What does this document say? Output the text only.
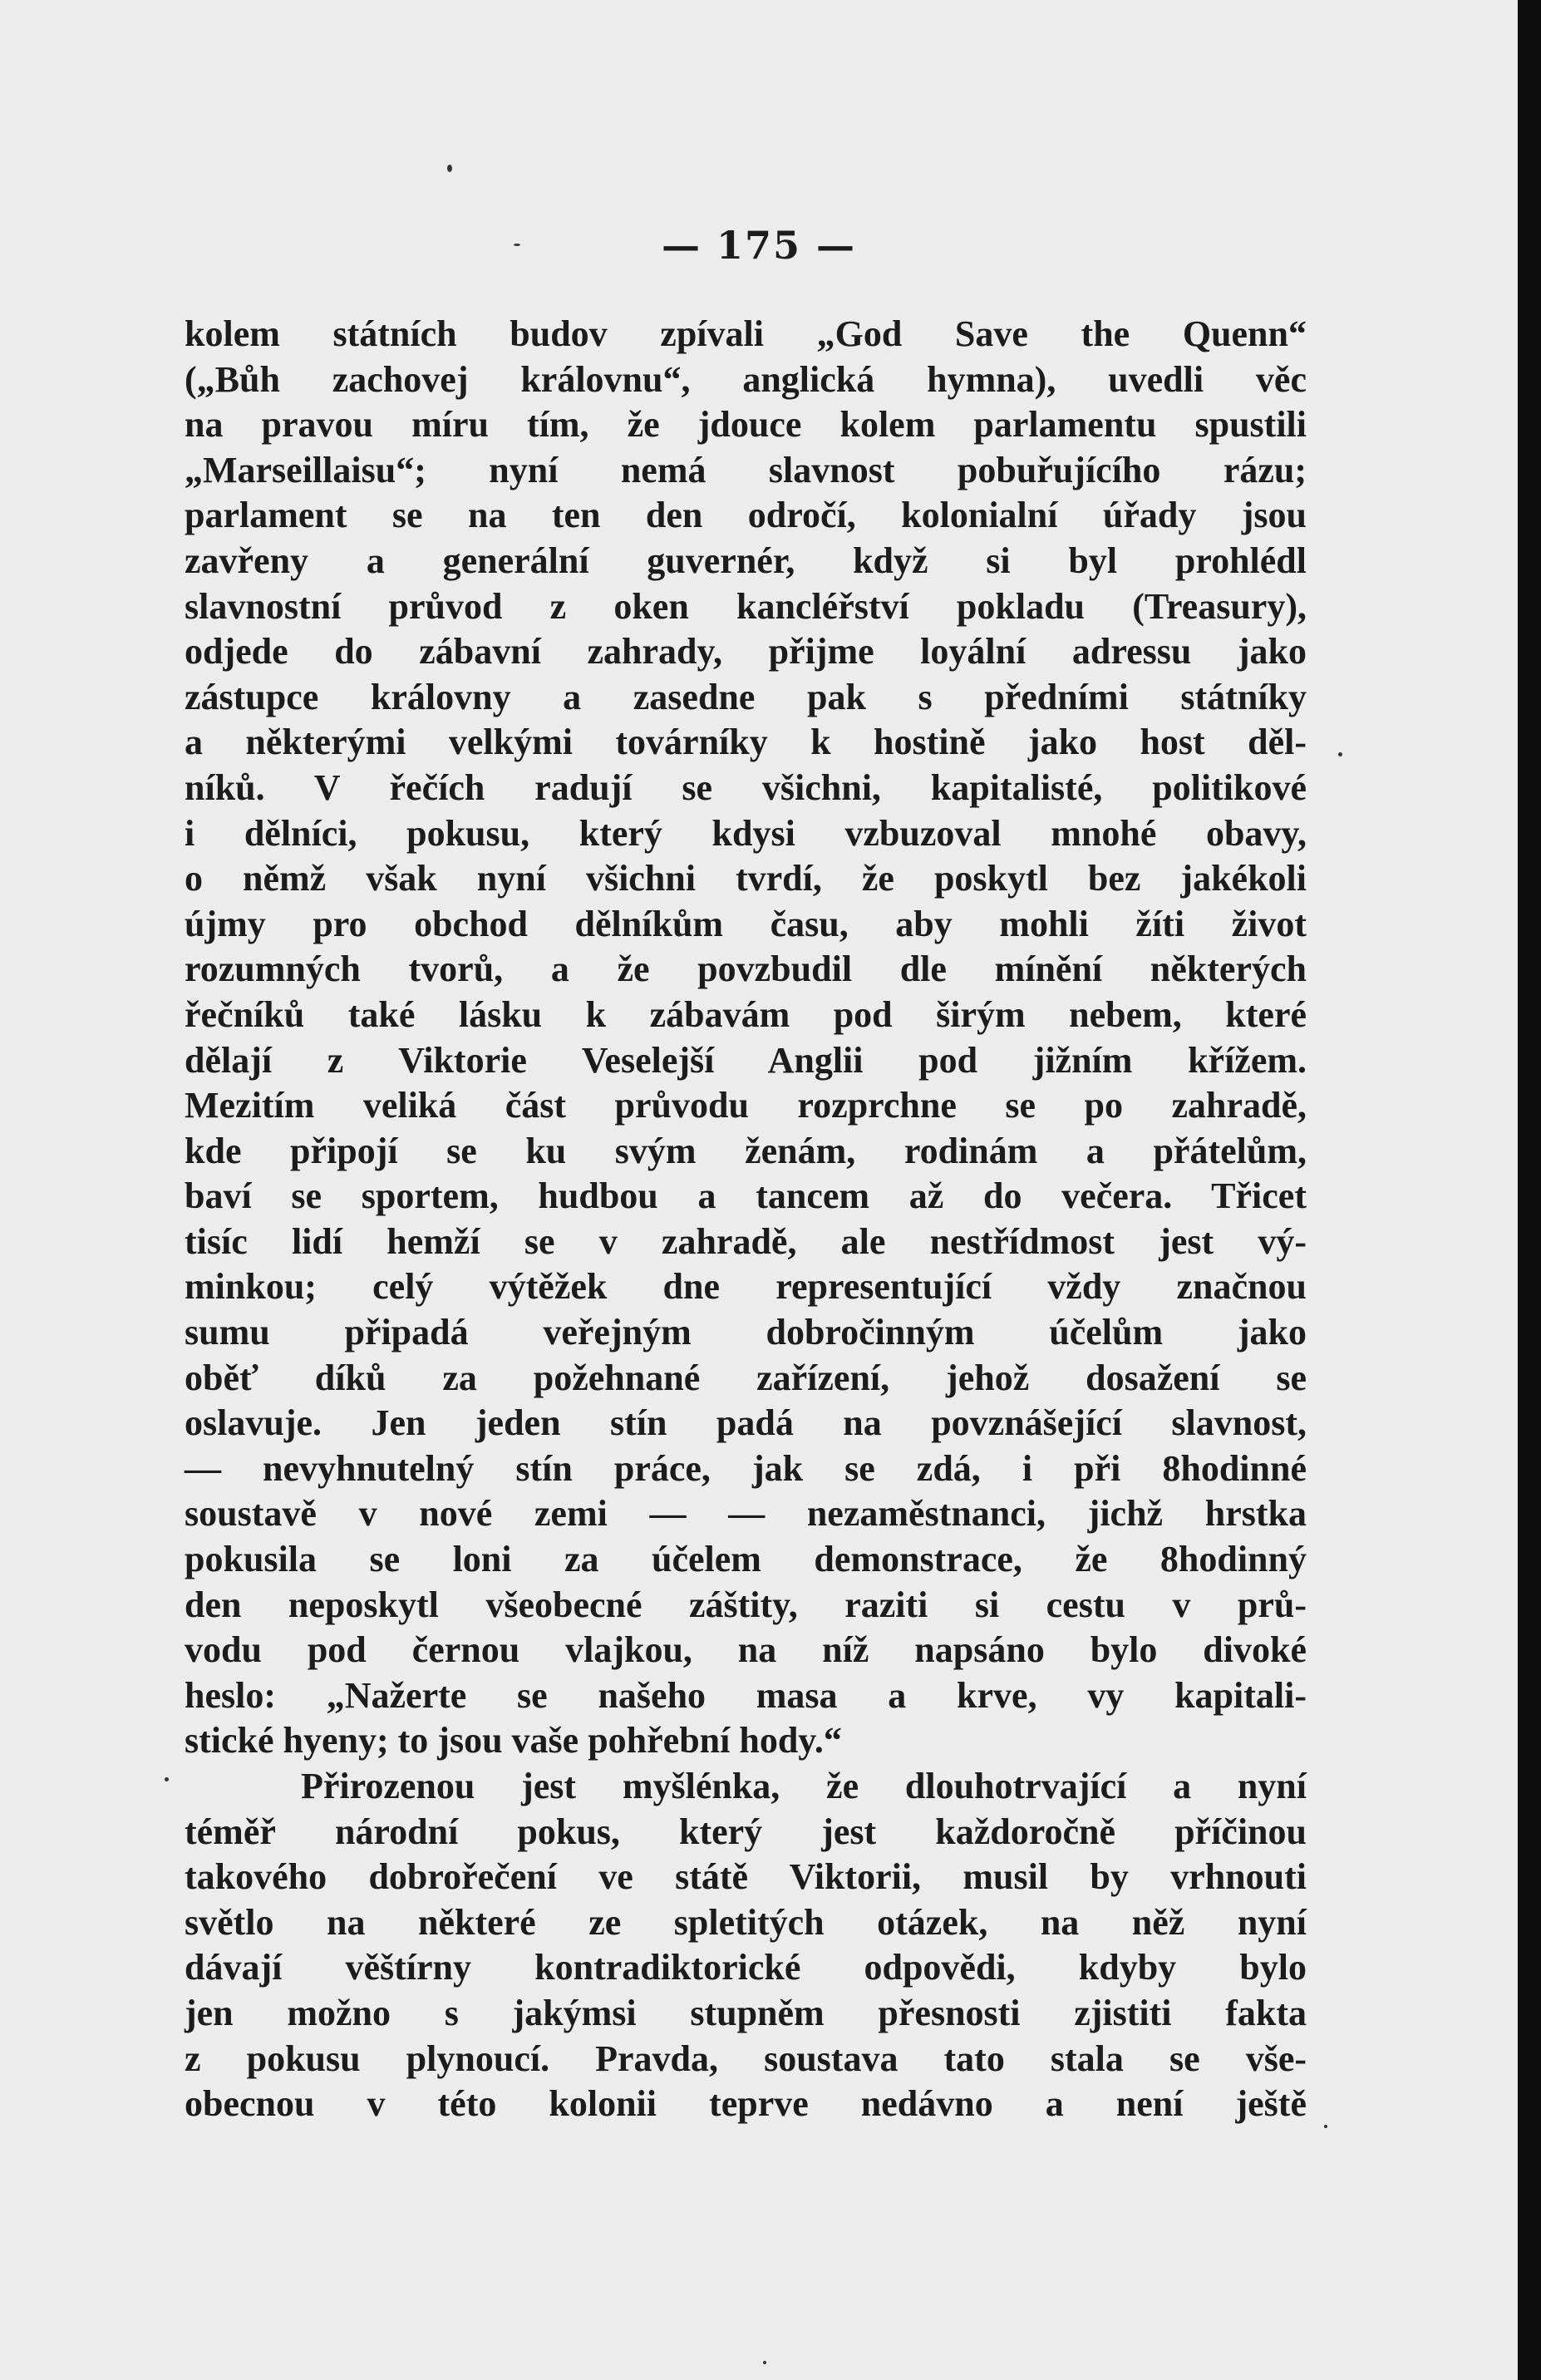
— 175 —
kolem státních budov zpívali „God Save the Quenn“
(„Bůh zachovej královnu“, anglická hymna), uvedli věc
na pravou míru tím, že jdouce kolem parlamentu spustili
„Marseillaisu“; nyní nemá slavnost pobuřujícího rázu;
parlament se na ten den odročí, kolonialní úřady jsou
zavřeny a generální guvernér, když si byl prohlédl
slavnostní průvod z oken kancléřství pokladu (Treasury),
odjede do zábavní zahrady, přijme loyální adressu jako
zástupce královny a zasedne pak s předními státníky
a některými velkými továrníky k hostině jako host děl-
níků. V řečích radují se všichni, kapitalisté, politikové
i dělníci, pokusu, který kdysi vzbuzoval mnohé obavy,
o němž však nyní všichni tvrdí, že poskytl bez jakékoli
újmy pro obchod dělníkům času, aby mohli žíti život
rozumných tvorů, a že povzbudil dle mínění některých
řečníků také lásku k zábavám pod širým nebem, které
dělají z Viktorie Veselejší Anglii pod jižním křížem.
Mezitím veliká část průvodu rozprchne se po zahradě,
kde připojí se ku svým ženám, rodinám a přátelům,
baví se sportem, hudbou a tancem až do večera. Třicet
tisíc lidí hemží se v zahradě, ale nestřídmost jest vý-
minkou; celý výtěžek dne representující vždy značnou
sumu připadá veřejným dobročinným účelům jako
oběť díků za požehnané zařízení, jehož dosažení se
oslavuje. Jen jeden stín padá na povznášející slavnost,
— nevyhnutelný stín práce, jak se zdá, i při 8hodinné
soustavě v nové zemi — — nezaměstnanci, jichž hrstka
pokusila se loni za účelem demonstrace, že 8hodinný
den neposkytl všeobecné záštity, raziti si cestu v prů-
vodu pod černou vlajkou, na níž napsáno bylo divoké
heslo: „Nažerte se našeho masa a krve, vy kapitali-
stické hyeny; to jsou vaše pohřební hody.“
Přirozenou jest myšlénka, že dlouhotrvající a nyní
téměř národní pokus, který jest každoročně příčinou
takového dobrořečení ve státě Viktorii, musil by vrhnouti
světlo na některé ze spletitých otázek, na něž nyní
dávají věštírny kontradiktorické odpovědi, kdyby bylo
jen možno s jakýmsi stupněm přesnosti zjistiti fakta
z pokusu plynoucí. Pravda, soustava tato stala se vše-
obecnou v této kolonii teprve nedávno a není ještě
